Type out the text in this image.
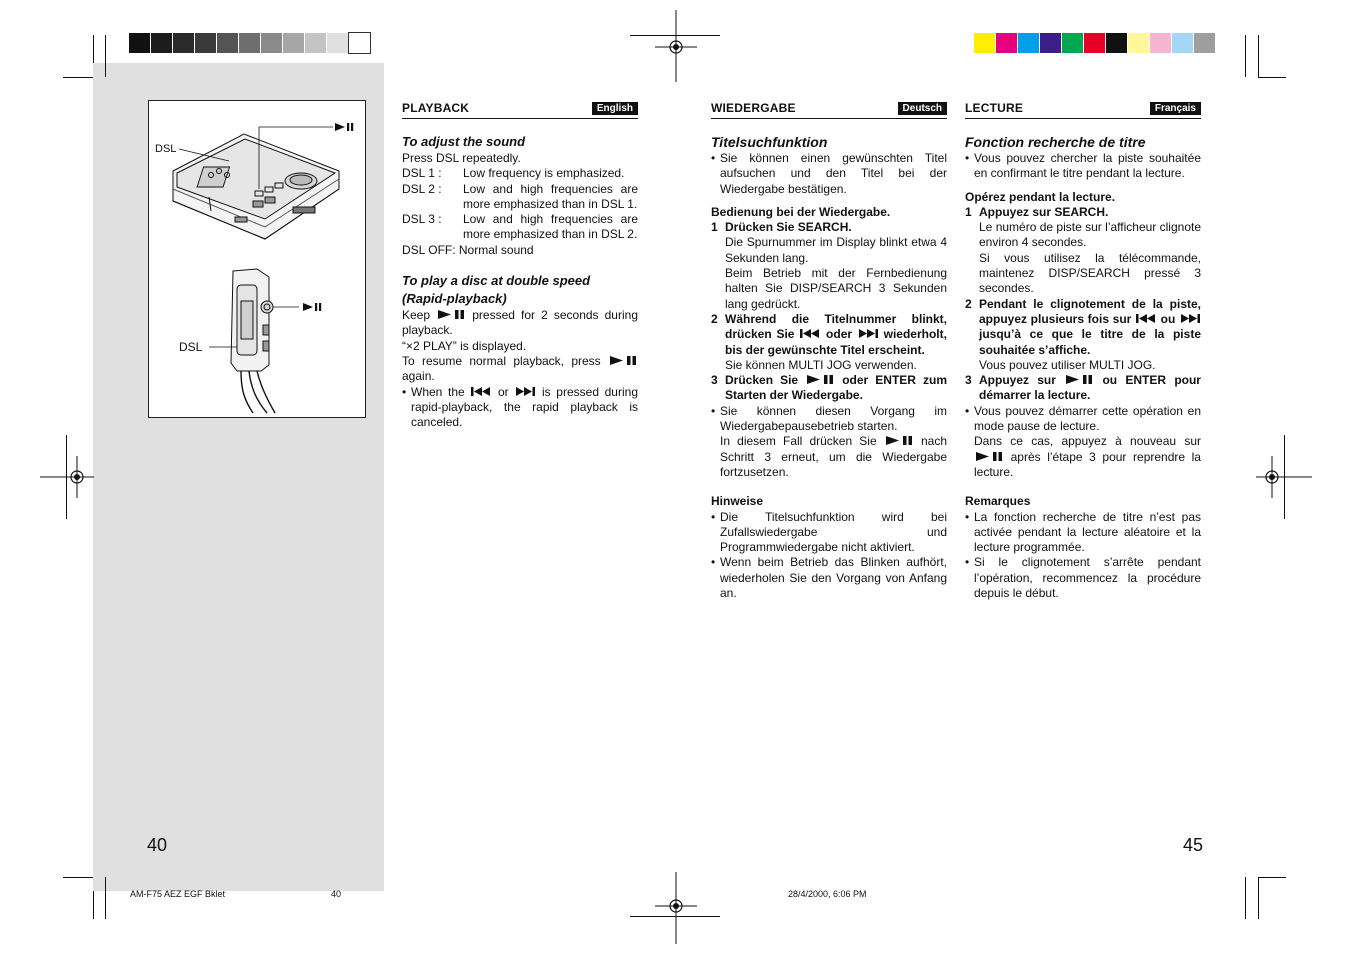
DSL
DSL
PLAYBACK	English
To adjust the sound
Press DSL repeatedly.
DSL 1 :	Low frequency is emphasized.
DSL 2 :	Low and high frequencies are more emphasized than in DSL 1.
DSL 3 :	Low and high frequencies are more emphasized than in DSL 2.
DSL OFF: Normal sound
To play a disc at double speed (Rapid-playback)
Keep	pressed for 2 seconds during playback.
“×2 PLAY” is displayed.
To resume normal playback, press  again.
• When the	or	is pressed during rapid-playback, the rapid playback is canceled.
40
WIEDERGABE	Deutsch
Titelsuchfunktion
• Sie können einen gewünschten Titel aufsuchen und den Titel bei der Wiedergabe bestätigen.
Bedienung bei der Wiedergabe.
1 Drücken Sie SEARCH.
Die Spurnummer im Display blinkt etwa 4 Sekunden lang.
Beim Betrieb mit der Fernbedienung halten Sie DISP/SEARCH 3 Sekunden lang gedrückt.
2 Während die Titelnummer blinkt, drücken Sie	oder	wiederholt, bis der gewünschte Titel erscheint.
Sie können MULTI JOG verwenden.
3 Drücken Sie	oder ENTER zum Starten der Wiedergabe.
• Sie können diesen Vorgang im Wiedergabepausebetrieb starten.
In diesem Fall drücken Sie	nach Schritt 3 erneut, um die Wiedergabe fortzusetzen.
Hinweise
• Die Titelsuchfunktion wird bei Zufallswiedergabe und Programmwiedergabe nicht aktiviert.
• Wenn beim Betrieb das Blinken aufhört, wiederholen Sie den Vorgang von Anfang an.
LECTURE	Français
Fonction recherche de titre
• Vous pouvez chercher la piste souhaitée en confirmant le titre pendant la lecture.
Opérez pendant la lecture.
1 Appuyez sur SEARCH.
Le numéro de piste sur l’afficheur clignote environ 4 secondes.
Si vous utilisez la télécommande, maintenez DISP/SEARCH pressé 3 secondes.
2 Pendant le clignotement de la piste, appuyez plusieurs fois sur ou  jusqu’à ce que le titre de la piste souhaitée s’affiche.
Vous pouvez utiliser MULTI JOG.
3 Appuyez sur	ou ENTER pour démarrer la lecture.
• Vous pouvez démarrer cette opération en mode pause de lecture.
Dans ce cas, appuyez à nouveau sur  après l’étape 3 pour reprendre la lecture.
Remarques
• La fonction recherche de titre n’est pas activée pendant la lecture aléatoire et la lecture programmée.
• Si le clignotement s’arrête pendant l’opération, recommencez la procédure depuis le début.
45
AM-F75 AEZ EGF Bklet	40	28/4/2000, 6:06 PM
